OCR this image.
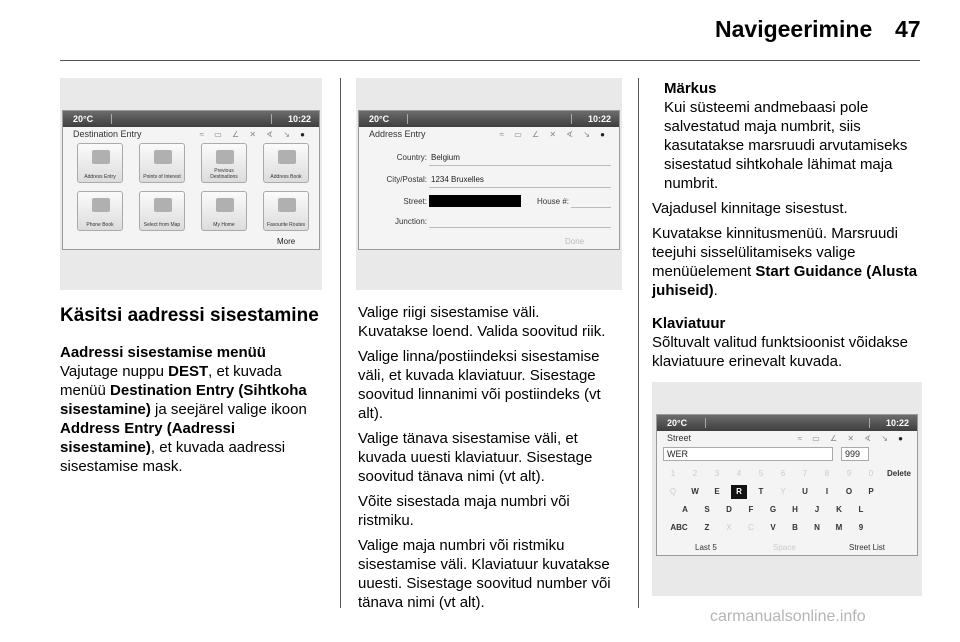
Navigeerimine 47
20°C	10:22
Destination Entry	≈ ▭ ∠ ✕ ∢ ↘ ●
Address Entry	Points of Interest
Previous Destinations	Address Book
Phone Book	Select from Map	My Home	Favourite Routes
More
20°C	10:22
Address Entry	≈ ▭ ∠ ✕ ∢ ↘ ●
Country: Belgium
City/Postal: 1234 Bruxelles
Street:	House #:
Junction:
Done
Käsitsi aadressi sisestamine

Aadressi sisestamise menüü

Vajutage nuppu DEST, et kuvada menüü Destination Entry (Sihtkoha sisestamine) ja seejärel valige ikoon Address Entry (Aadressi sisestamine), et kuvada aadressi sisestamise mask.

Valige riigi sisestamise väli.
Kuvatakse loend. Valida soovitud riik.

Valige linna/postiindeksi sisestamise väli, et kuvada klaviatuur. Sisestage soovitud linnanimi või postiindeks (vt alt).

Valige tänava sisestamise väli, et kuvada uuesti klaviatuur. Sisestage soovitud tänava nimi (vt alt).

Võite sisestada maja numbri või ristmiku.

Valige maja numbri või ristmiku sisestamise väli. Klaviatuur kuvatakse uuesti. Sisestage soovitud number või tänava nimi (vt alt).

Märkus

Kui süsteemi andmebaasi pole salvestatud maja numbrit, siis kasutatakse marsruudi arvutamiseks sisestatud sihtkohale lähimat maja numbrit.

Vajadusel kinnitage sisestust.

Kuvatakse kinnitusmenüü. Marsruudi teejuhi sisselülitamiseks valige menüüelement Start Guidance (Alusta juhiseid).

Klaviatuur

Sõltuvalt valitud funktsioonist võidakse klaviatuure erinevalt kuvada.

20°C	10:22
Street	≈ ▭ ∠ ✕ ∢ ↘ ●
WER	999
1	2	3	4	5	6	7	8	9	0	Delete
Q	W	E	R	T	Y	U	I	O	P
A	S	D	F	G	H	J	K	L
ABC	Z	X	C	V	B	N	M	9
Last 5	Space	Street List
carmanualsonline.info
